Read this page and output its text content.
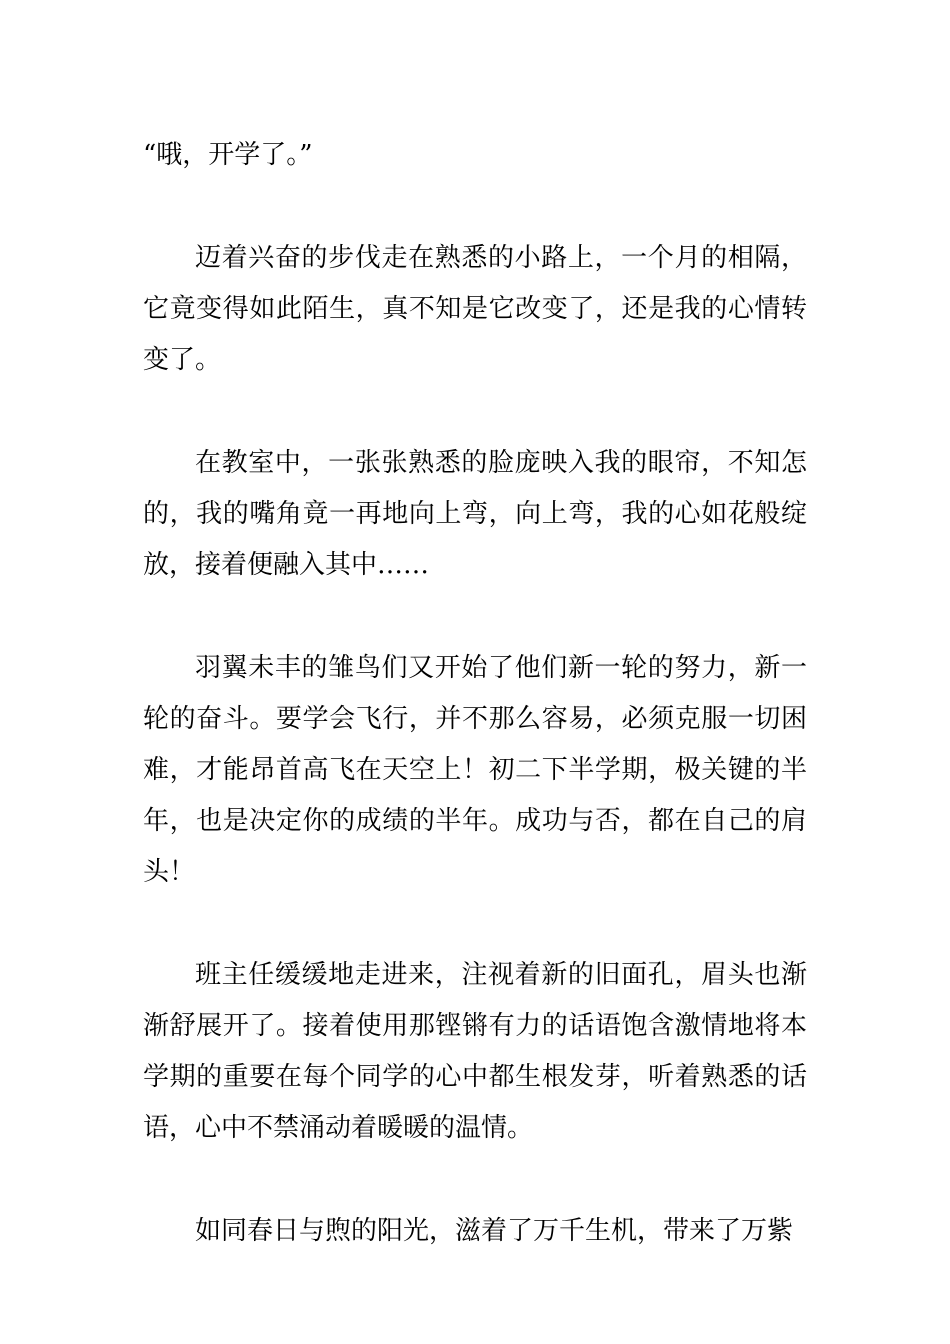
“哦，开学了。”

迈着兴奋的步伐走在熟悉的小路上，一个月的相隔，它竟变得如此陌生，真不知是它改变了，还是我的心情转变了。

在教室中，一张张熟悉的脸庞映入我的眼帘，不知怎的，我的嘴角竟一再地向上弯，向上弯，我的心如花般绽放，接着便融入其中……

羽翼未丰的雏鸟们又开始了他们新一轮的努力，新一轮的奋斗。要学会飞行，并不那么容易，必须克服一切困难，才能昂首高飞在天空上！初二下半学期，极关键的半年，也是决定你的成绩的半年。成功与否，都在自己的肩头！

班主任缓缓地走进来，注视着新的旧面孔，眉头也渐渐舒展开了。接着使用那铿锵有力的话语饱含激情地将本学期的重要在每个同学的心中都生根发芽，听着熟悉的话语，心中不禁涌动着暖暖的温情。

如同春日与煦的阳光，滋着了万千生机，带来了万紫
